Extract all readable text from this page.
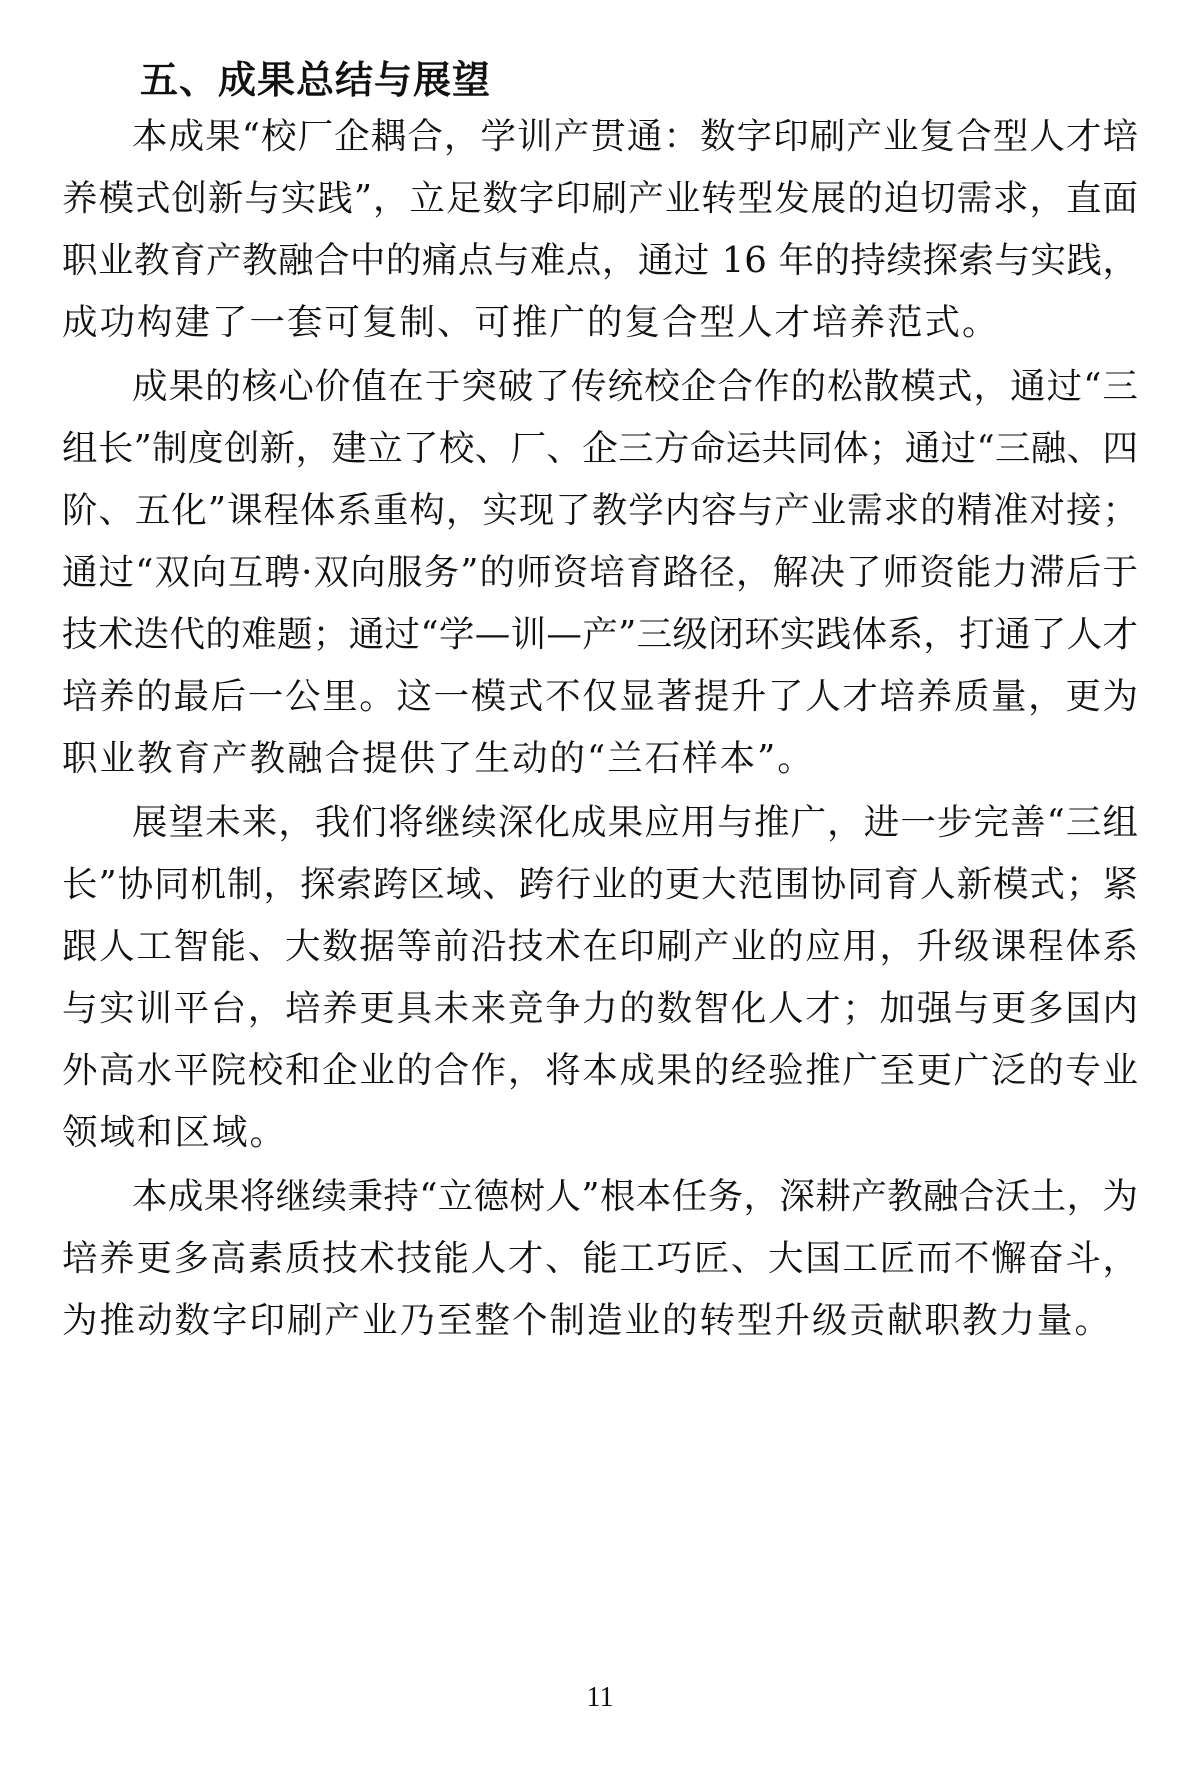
五、成果总结与展望

本成果“校厂企耦合，学训产贯通：数字印刷产业复合型人才培

养模式创新与实践”，立足数字印刷产业转型发展的迫切需求，直面

职业教育产教融合中的痛点与难点，通过 16 年的持续探索与实践，

成功构建了一套可复制、可推广的复合型人才培养范式。

成果的核心价值在于突破了传统校企合作的松散模式，通过“三

组长”制度创新，建立了校、厂、企三方命运共同体；通过“三融、四

阶、五化”课程体系重构，实现了教学内容与产业需求的精准对接；

通过“双向互聘·双向服务”的师资培育路径，解决了师资能力滞后于

技术迭代的难题；通过“学—训—产”三级闭环实践体系，打通了人才

培养的最后一公里。这一模式不仅显著提升了人才培养质量，更为

职业教育产教融合提供了生动的“兰石样本”。

展望未来，我们将继续深化成果应用与推广，进一步完善“三组

长”协同机制，探索跨区域、跨行业的更大范围协同育人新模式；紧

跟人工智能、大数据等前沿技术在印刷产业的应用，升级课程体系

与实训平台，培养更具未来竞争力的数智化人才；加强与更多国内

外高水平院校和企业的合作，将本成果的经验推广至更广泛的专业

领域和区域。

本成果将继续秉持“立德树人”根本任务，深耕产教融合沃土，为

培养更多高素质技术技能人才、能工巧匠、大国工匠而不懈奋斗，

为推动数字印刷产业乃至整个制造业的转型升级贡献职教力量。

11
